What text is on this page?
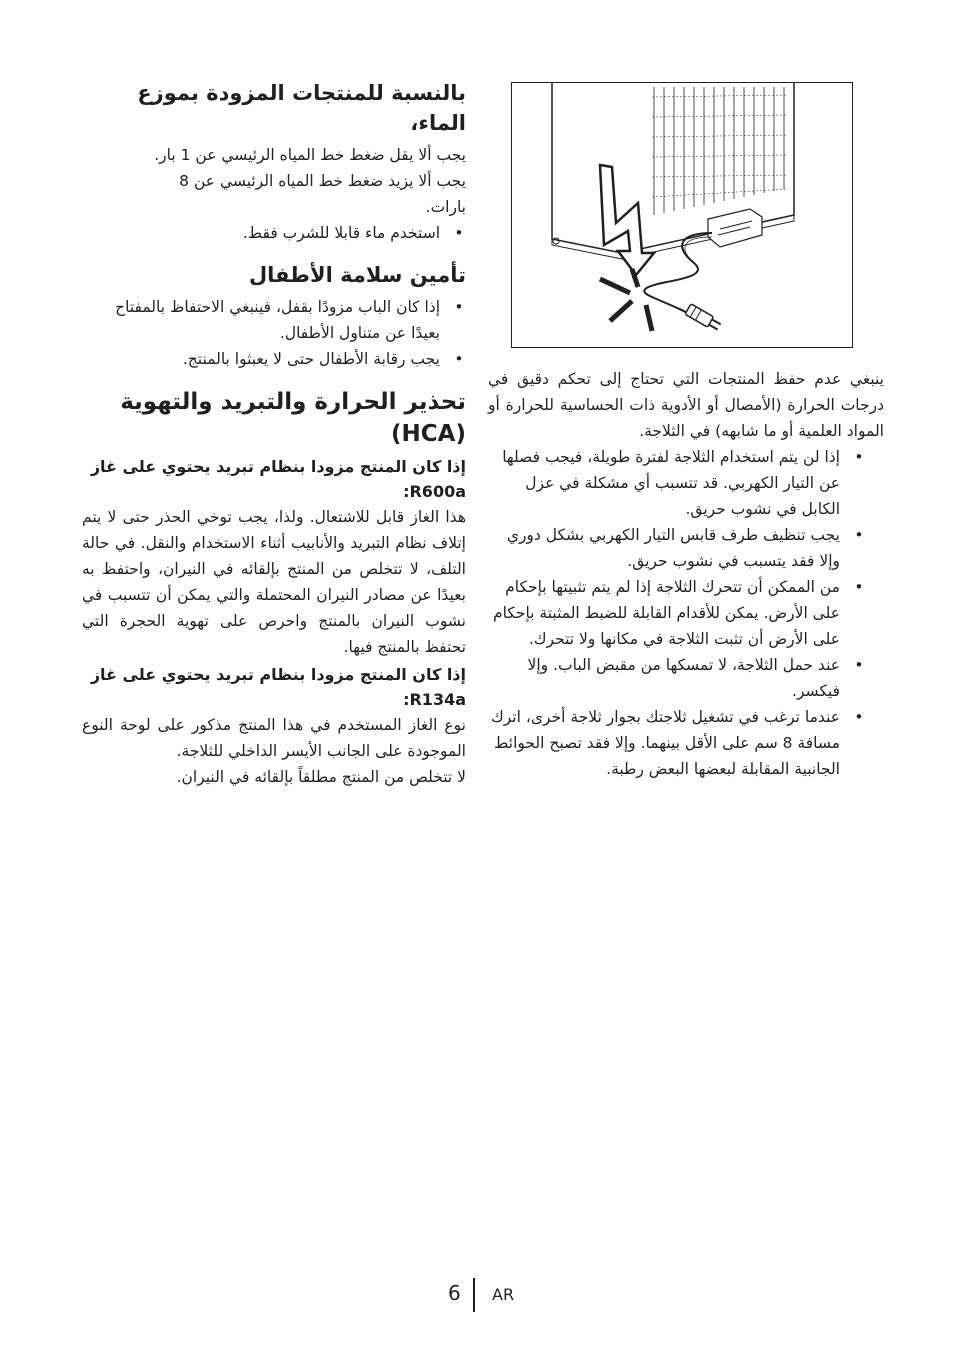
بالنسبة للمنتجات المزودة بموزع الماء،

يجب ألا يقل ضغط خط المياه الرئيسي عن 1 بار.

يجب ألا يزيد ضغط خط المياه الرئيسي عن 8

بارات.

• استخدم ماء قابلا للشرب فقط.
تأمين سلامة الأطفال
• إذا كان الباب مزودًا بقفل، فينبغي الاحتفاظ بالمفتاح بعيدًا عن متناول الأطفال.
• يجب رقابة الأطفال حتى لا يعبثوا بالمنتج.
تحذير الحرارة والتبريد والتهوية (HCA)

إذا كان المنتج مزودا بنظام تبريد يحتوي على غاز R600a:

هذا الغاز قابل للاشتعال. ولذا، يجب توخي الحذر حتى لا يتم إتلاف نظام التبريد والأنابيب أثناء الاستخدام والنقل. في حالة التلف، لا تتخلص من المنتج بإلقائه في النيران، واحتفظ به بعيدًا عن مصادر النيران المحتملة والتي يمكن أن تتسبب في نشوب النيران بالمنتج واحرص على تهوية الحجرة التي تحتفظ بالمنتج فيها.

إذا كان المنتج مزودا بنظام تبريد يحتوي على غاز R134a:

نوع الغاز المستخدم في هذا المنتج مذكور على لوحة النوع الموجودة على الجانب الأيسر الداخلي للثلاجة.

لا تتخلص من المنتج مطلقاً بإلقائه في النيران.

ينبغي عدم حفظ المنتجات التي تحتاج إلى تحكم دقيق في درجات الحرارة (الأمصال أو الأدوية ذات الحساسية للحرارة أو المواد العلمية أو ما شابهه) في الثلاجة.

• إذا لن يتم استخدام الثلاجة لفترة طويلة، فيجب فصلها عن التيار الكهربي. قد تتسبب أي مشكلة في عزل الكابل في نشوب حريق.
• يجب تنظيف طرف قابس التيار الكهربي بشكل دوري وإلا فقد يتسبب في نشوب حريق.
• من الممكن أن تتحرك الثلاجة إذا لم يتم تثبيتها بإحكام على الأرض. يمكن للأقدام القابلة للضبط المثبتة بإحكام على الأرض أن تثبت الثلاجة في مكانها ولا تتحرك.
• عند حمل الثلاجة، لا تمسكها من مقبض الباب. وإلا فيكسر.
• عندما ترغب في تشغيل ثلاجتك بجوار ثلاجة أخرى، اترك مسافة 8 سم على الأقل بينهما. وإلا فقد تصبح الحوائط الجانبية المقابلة لبعضها البعض رطبة.
6 AR
